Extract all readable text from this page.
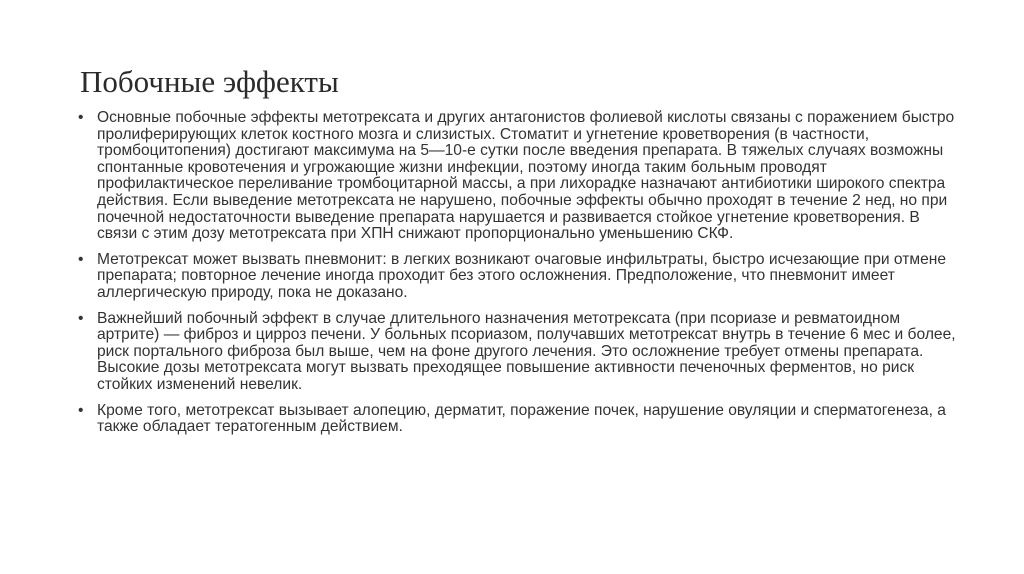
Побочные эффекты
• Основные побочные эффекты метотрексата и других антагонистов фолиевой кислоты связаны с поражением быстро пролиферирующих клеток костного мозга и слизистых. Стоматит и угнетение кроветворения (в частности, тромбоцитопения) достигают максимума на 5—10-е сутки после введения препарата. В тяжелых случаях возможны спонтанные кровотечения и угрожающие жизни инфекции, поэтому иногда таким больным проводят профилактическое переливание тромбоцитарной массы, а при лихорадке назначают антибиотики широкого спектра действия. Если выведение метотрексата не нарушено, побочные эффекты обычно проходят в течение 2 нед, но при почечной недостаточности выведение препарата нарушается и развивается стойкое угнетение кроветворения. В связи с этим дозу метотрексата при ХПН снижают пропорционально уменьшению СКФ.
• Метотрексат может вызвать пневмонит: в легких возникают очаговые инфильтраты, быстро исчезающие при отмене препарата; повторное лечение иногда проходит без этого осложнения. Предположение, что пневмонит имеет аллергическую природу, пока не доказано.
• Важнейший побочный эффект в случае длительного назначения метотрексата (при псориазе и ревматоидном артрите) — фиброз и цирроз печени. У больных псориазом, получавших метотрексат внутрь в течение 6 мес и более, риск портального фиброза был выше, чем на фоне другого лечения. Это осложнение требует отмены препарата. Высокие дозы метотрексата могут вызвать преходящее повышение активности печеночных ферментов, но риск стойких изменений невелик.
• Кроме того, метотрексат вызывает алопецию, дерматит, поражение почек, нарушение овуляции и сперматогенеза, а также обладает тератогенным действием.
